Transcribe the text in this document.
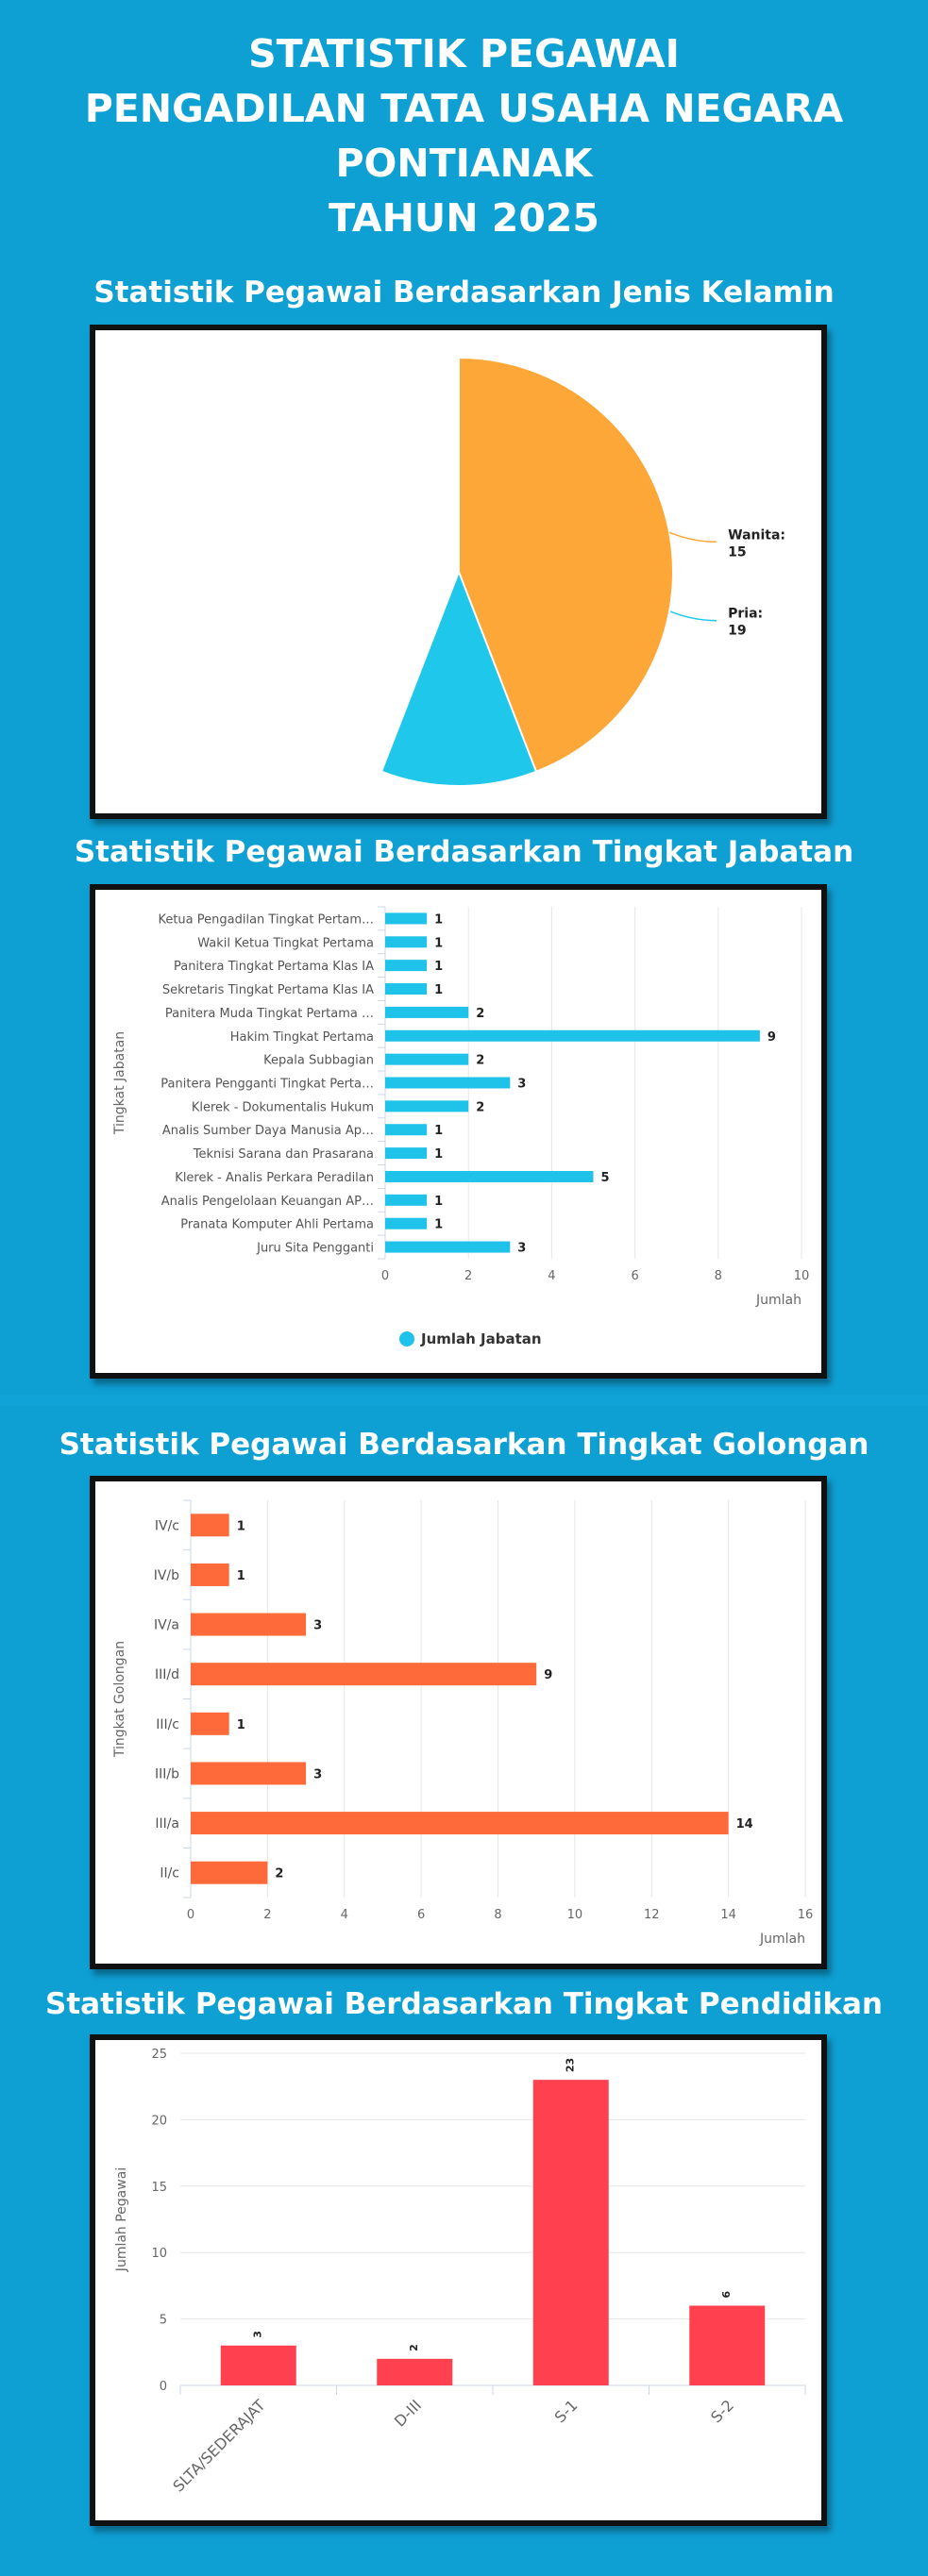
STATISTIK PEGAWAI
PENGADILAN TATA USAHA NEGARA
PONTIANAK
TAHUN 2025
Statistik Pegawai Berdasarkan Jenis Kelamin
Pria:
19
Wanita:
15
Statistik Pegawai Berdasarkan Tingkat Jabatan
0	2	4	6	8	10
Ketua Pengadilan Tingkat Pertam…	1
Wakil Ketua Tingkat Pertama	1
Panitera Tingkat Pertama Klas IA	1
Sekretaris Tingkat Pertama Klas IA	1
Panitera Muda Tingkat Pertama …	2
Hakim Tingkat Pertama	9
Kepala Subbagian	2
Panitera Pengganti Tingkat Perta…	3
Klerek - Dokumentalis Hukum	2
Analis Sumber Daya Manusia Ap…	1
Teknisi Sarana dan Prasarana	1
Klerek - Analis Perkara Peradilan	5
Analis Pengelolaan Keuangan AP…	1
Pranata Komputer Ahli Pertama	1
Juru Sita Pengganti	3
Jumlah
Tingkat Jabatan
Jumlah Jabatan
Statistik Pegawai Berdasarkan Tingkat Golongan
0	2	4	6	8	10	12	14	16
IV/c	1
IV/b	1
IV/a	3
III/d	9
III/c	1
III/b	3
III/a	14
II/c	2
Jumlah
Tingkat Golongan
Statistik Pegawai Berdasarkan Tingkat Pendidikan
0
5
10
15
20
25
3
SLTA/SEDERAJAT
2
D-III
23
S-1
6
S-2
Jumlah Pegawai
